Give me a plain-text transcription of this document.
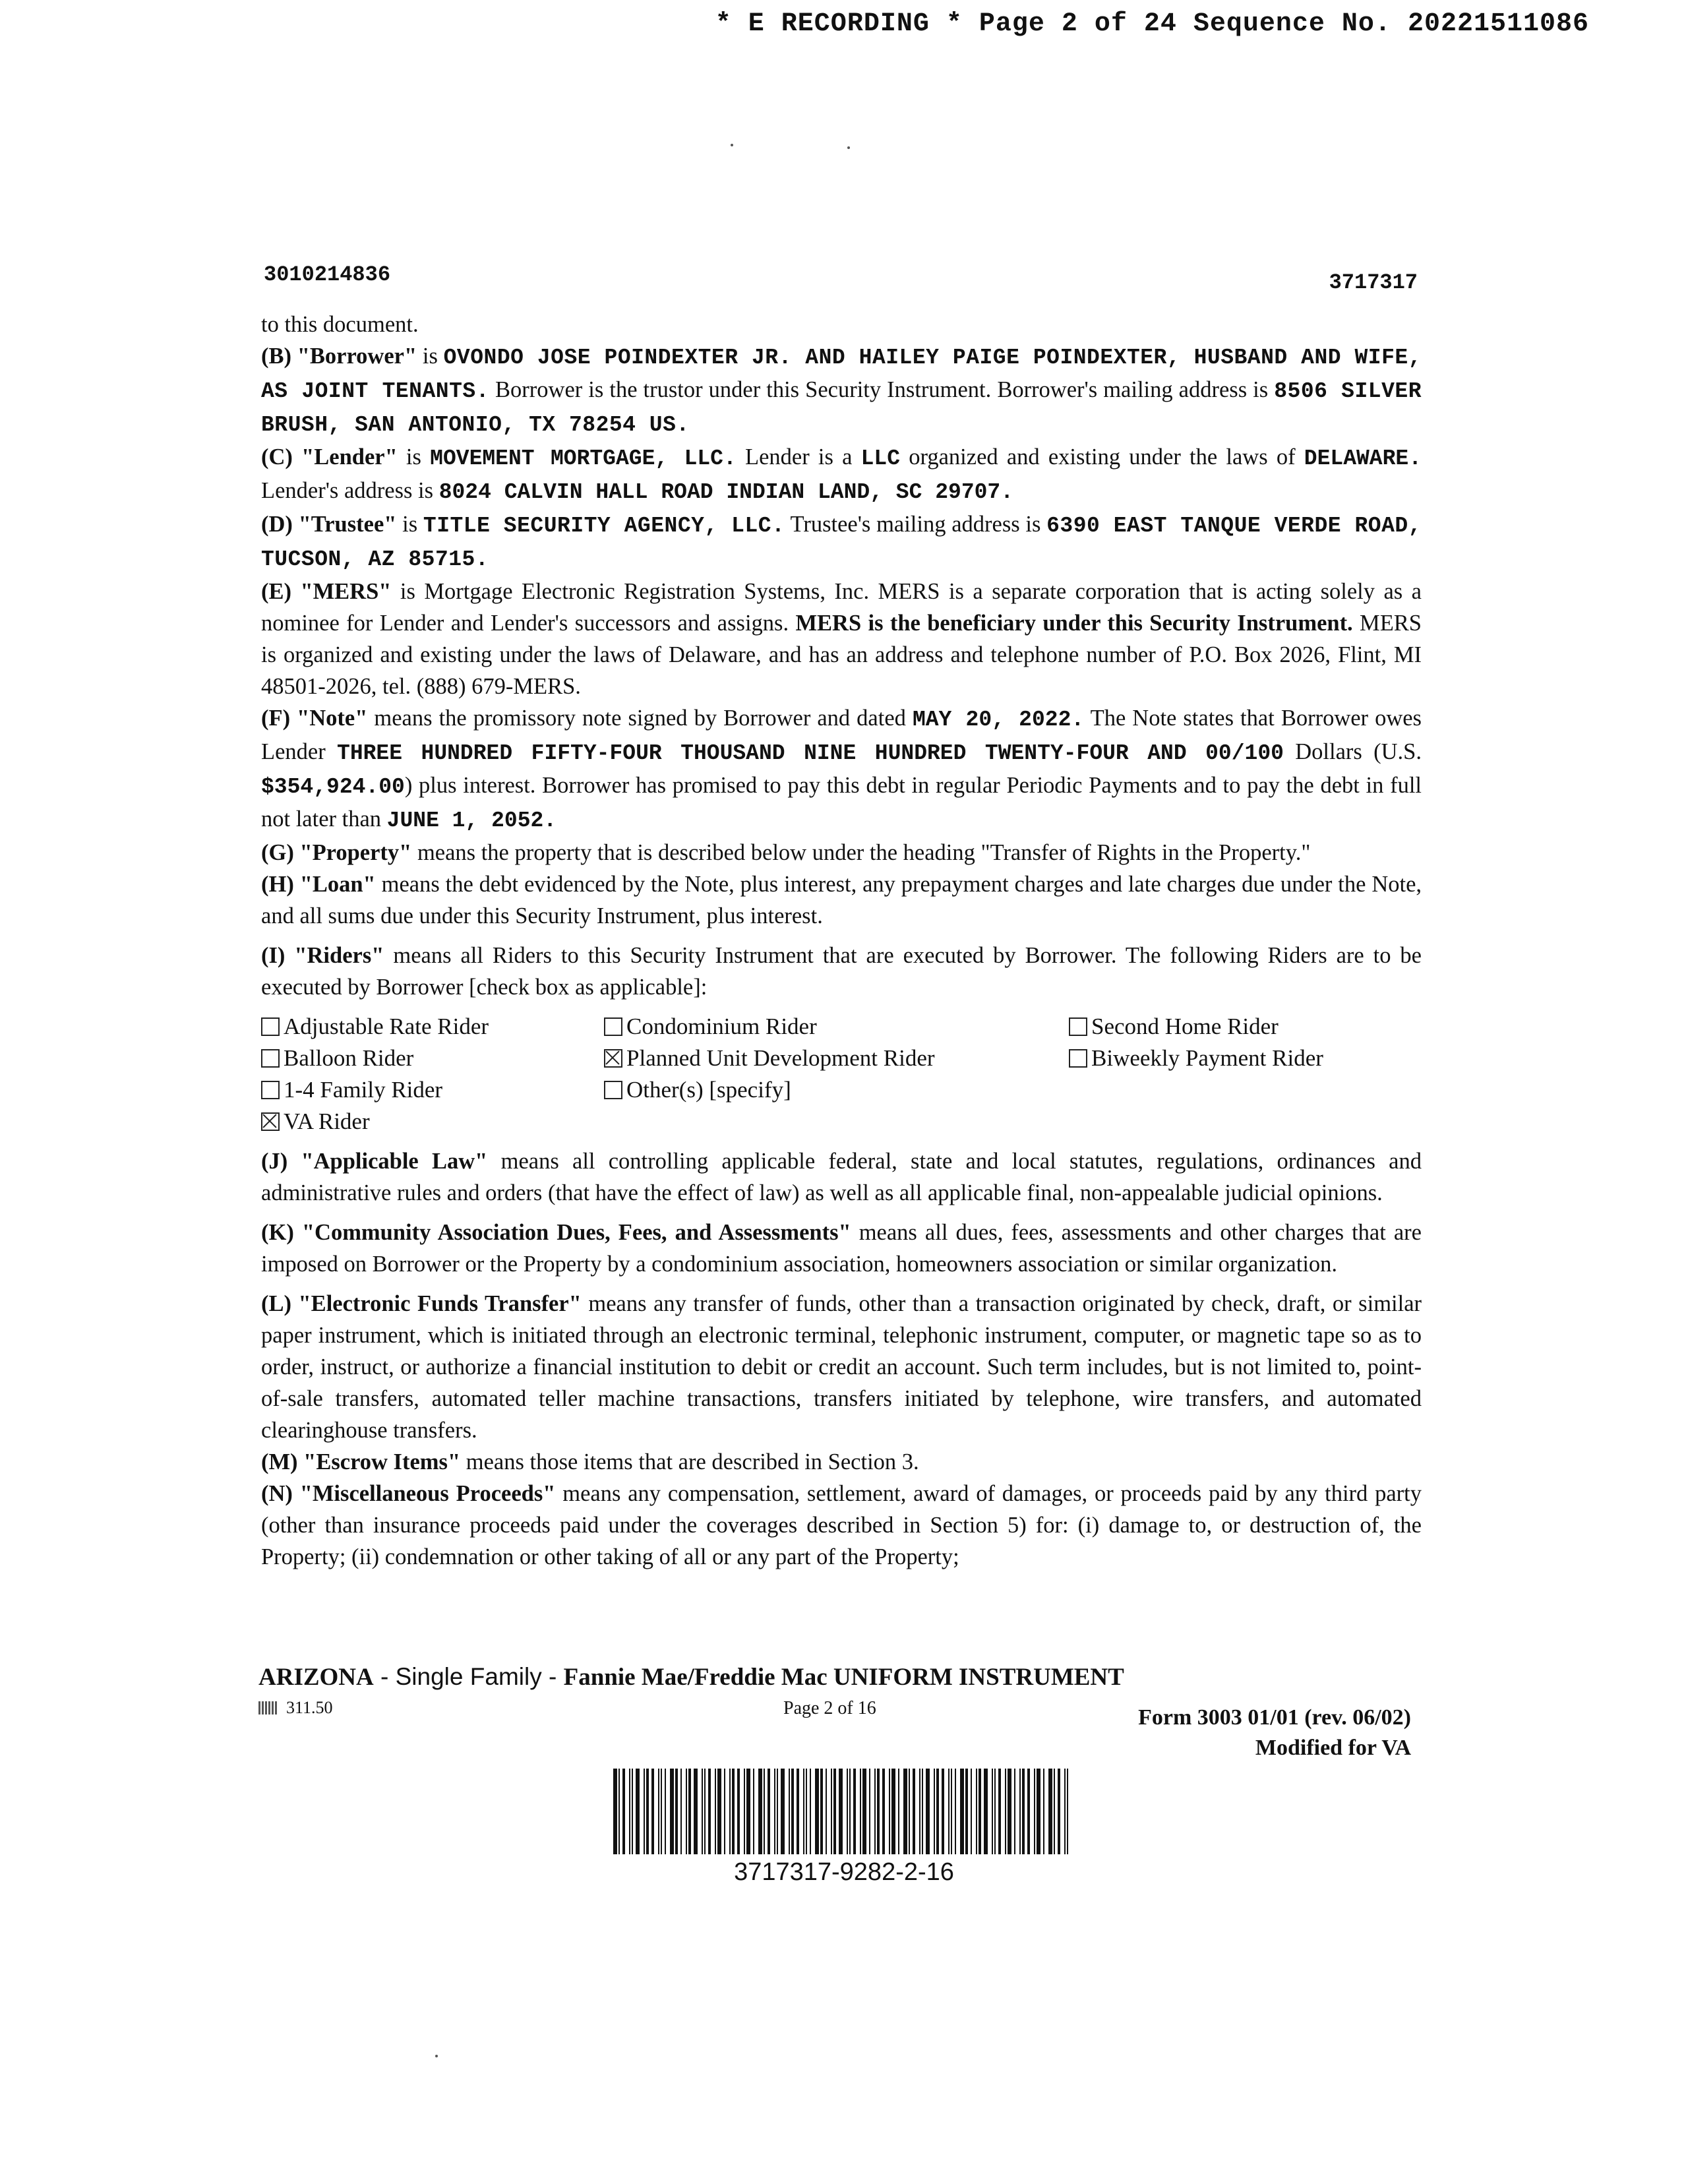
* E RECORDING * Page 2 of 24 Sequence No. 20221511086
3010214836	3717317

to this document.

(B) "Borrower" is OVONDO JOSE POINDEXTER JR. AND HAILEY PAIGE POINDEXTER, HUSBAND AND WIFE, AS JOINT TENANTS. Borrower is the trustor under this Security Instrument. Borrower's mailing address is 8506 SILVER BRUSH, SAN ANTONIO, TX 78254 US.

(C) "Lender" is MOVEMENT MORTGAGE, LLC. Lender is a LLC organized and existing under the laws of DELAWARE. Lender's address is 8024 CALVIN HALL ROAD INDIAN LAND, SC 29707.

(D) "Trustee" is TITLE SECURITY AGENCY, LLC. Trustee's mailing address is 6390 EAST TANQUE VERDE ROAD, TUCSON, AZ 85715.

(E) "MERS" is Mortgage Electronic Registration Systems, Inc. MERS is a separate corporation that is acting solely as a nominee for Lender and Lender's successors and assigns. MERS is the beneficiary under this Security Instrument. MERS is organized and existing under the laws of Delaware, and has an address and telephone number of P.O. Box 2026, Flint, MI 48501-2026, tel. (888) 679-MERS.

(F) "Note" means the promissory note signed by Borrower and dated MAY 20, 2022. The Note states that Borrower owes Lender THREE HUNDRED FIFTY-FOUR THOUSAND NINE HUNDRED TWENTY-FOUR AND 00/100 Dollars (U.S. $354,924.00) plus interest. Borrower has promised to pay this debt in regular Periodic Payments and to pay the debt in full not later than JUNE 1, 2052.

(G) "Property" means the property that is described below under the heading "Transfer of Rights in the Property."

(H) "Loan" means the debt evidenced by the Note, plus interest, any prepayment charges and late charges due under the Note, and all sums due under this Security Instrument, plus interest.

(I) "Riders" means all Riders to this Security Instrument that are executed by Borrower. The following Riders are to be executed by Borrower [check box as applicable]:

Adjustable Rate Rider	Condominium Rider	Second Home Rider
Balloon Rider	Planned Unit Development Rider	Biweekly Payment Rider
1-4 Family Rider	Other(s) [specify]
VA Rider

(J) "Applicable Law" means all controlling applicable federal, state and local statutes, regulations, ordinances and administrative rules and orders (that have the effect of law) as well as all applicable final, non-appealable judicial opinions.

(K) "Community Association Dues, Fees, and Assessments" means all dues, fees, assessments and other charges that are imposed on Borrower or the Property by a condominium association, homeowners association or similar organization.

(L) "Electronic Funds Transfer" means any transfer of funds, other than a transaction originated by check, draft, or similar paper instrument, which is initiated through an electronic terminal, telephonic instrument, computer, or magnetic tape so as to order, instruct, or authorize a financial institution to debit or credit an account. Such term includes, but is not limited to, point-of-sale transfers, automated teller machine transactions, transfers initiated by telephone, wire transfers, and automated clearinghouse transfers.

(M) "Escrow Items" means those items that are described in Section 3.

(N) "Miscellaneous Proceeds" means any compensation, settlement, award of damages, or proceeds paid by any third party (other than insurance proceeds paid under the coverages described in Section 5) for: (i) damage to, or destruction of, the Property; (ii) condemnation or other taking of all or any part of the Property;

ARIZONA - Single Family - Fannie Mae/Freddie Mac UNIFORM INSTRUMENT
311.50	Page 2 of 16	Form 3003 01/01 (rev. 06/02)
Modified for VA
3717317-9282-2-16
